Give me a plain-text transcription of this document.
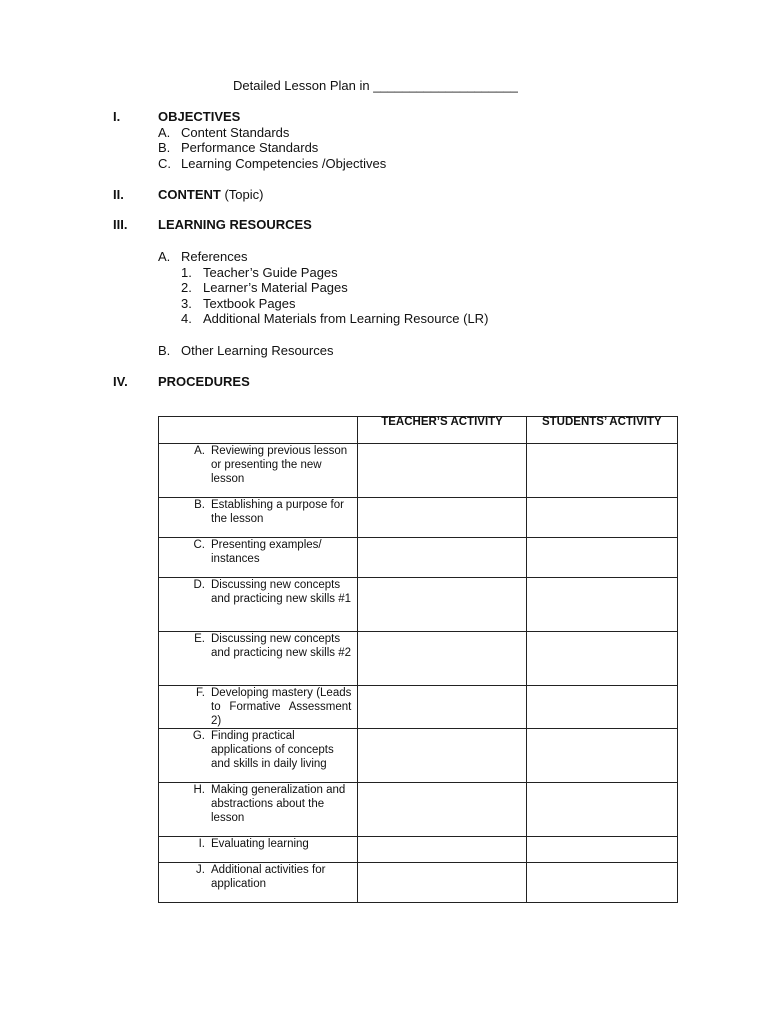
Detailed Lesson Plan in ____________________
I.	OBJECTIVES
A. Content Standards
B. Performance Standards
C. Learning Competencies /Objectives
II.	CONTENT (Topic)
III. LEARNING RESOURCES
A. References
1. Teacher’s Guide Pages
2. Learner’s Material Pages
3. Textbook Pages
4. Additional Materials from Learning Resource (LR)
B. Other Learning Resources
IV. PROCEDURES

	TEACHER’S ACTIVITY	STUDENTS’ ACTIVITY

A. Reviewing previous lesson or presenting the new lesson		

B. Establishing a purpose for the lesson		

C. Presenting examples/ instances		

D. Discussing new concepts and practicing new skills #1		

E. Discussing new concepts and practicing new skills #2		

F. Developing mastery (Leads to Formative Assessment 2)		

G. Finding practical applications of concepts and skills in daily living		

H. Making generalization and abstractions about the lesson		

I. Evaluating learning		

J. Additional activities for application		
